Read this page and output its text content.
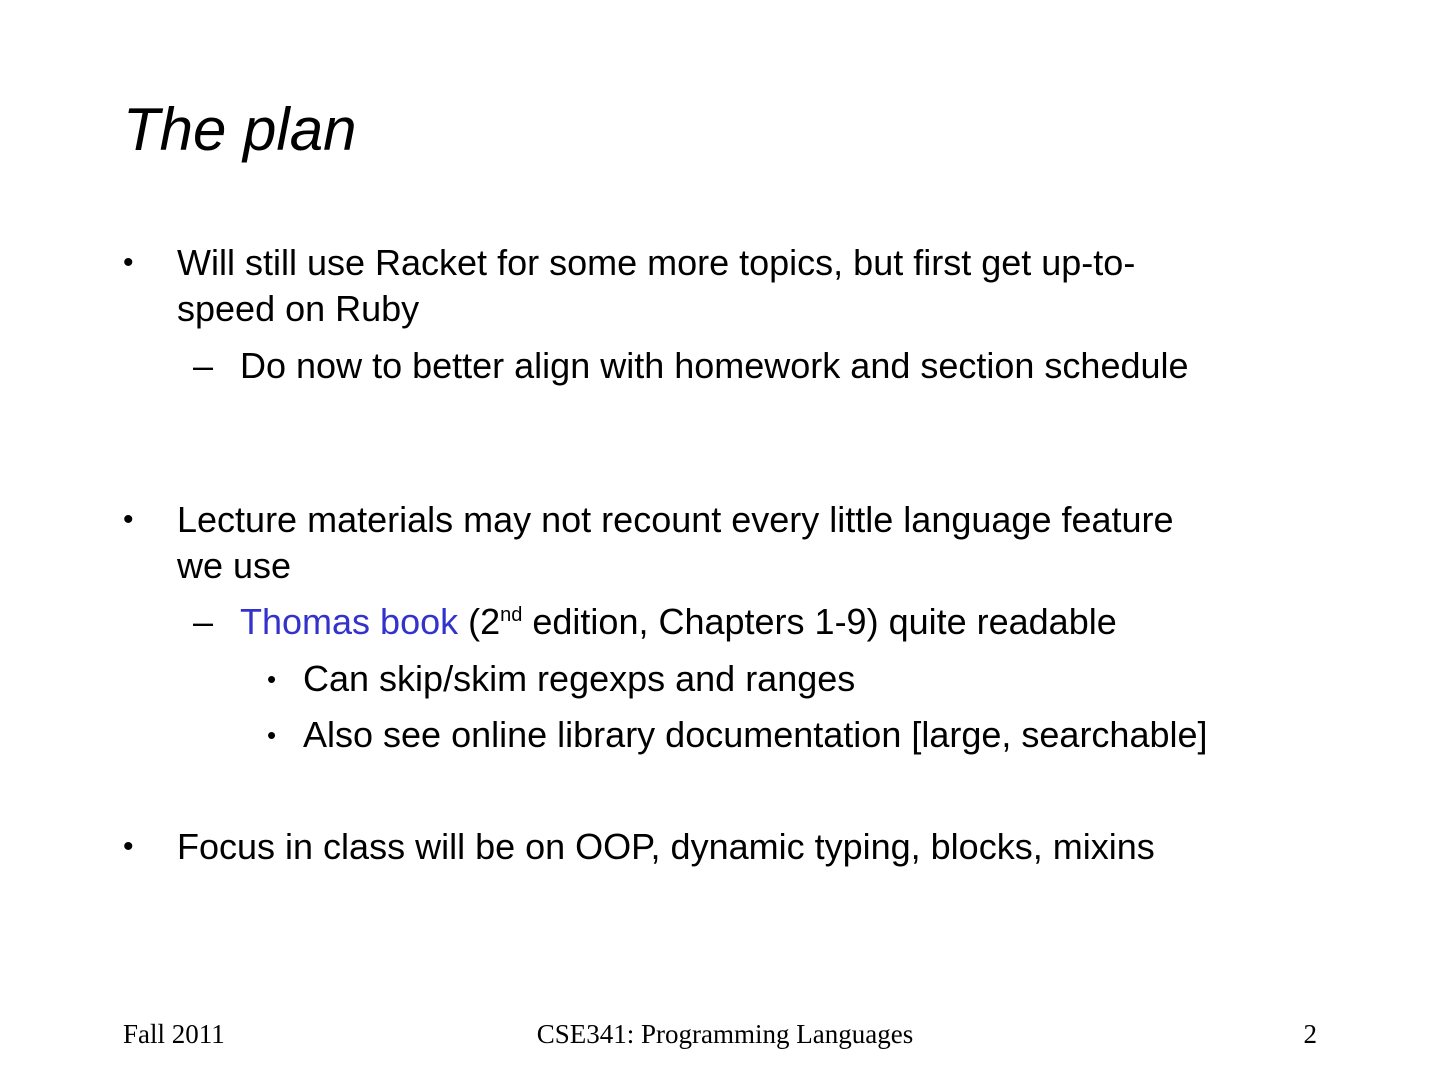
The plan
• Will still use Racket for some more topics, but first get up-to-
speed on Ruby
– Do now to better align with homework and section schedule
• Lecture materials may not recount every little language feature
we use
– Thomas book (2nd edition, Chapters 1-9) quite readable
• Can skip/skim regexps and ranges
• Also see online library documentation [large, searchable]
• Focus in class will be on OOP, dynamic typing, blocks, mixins
Fall 2011	CSE341: Programming Languages	2
